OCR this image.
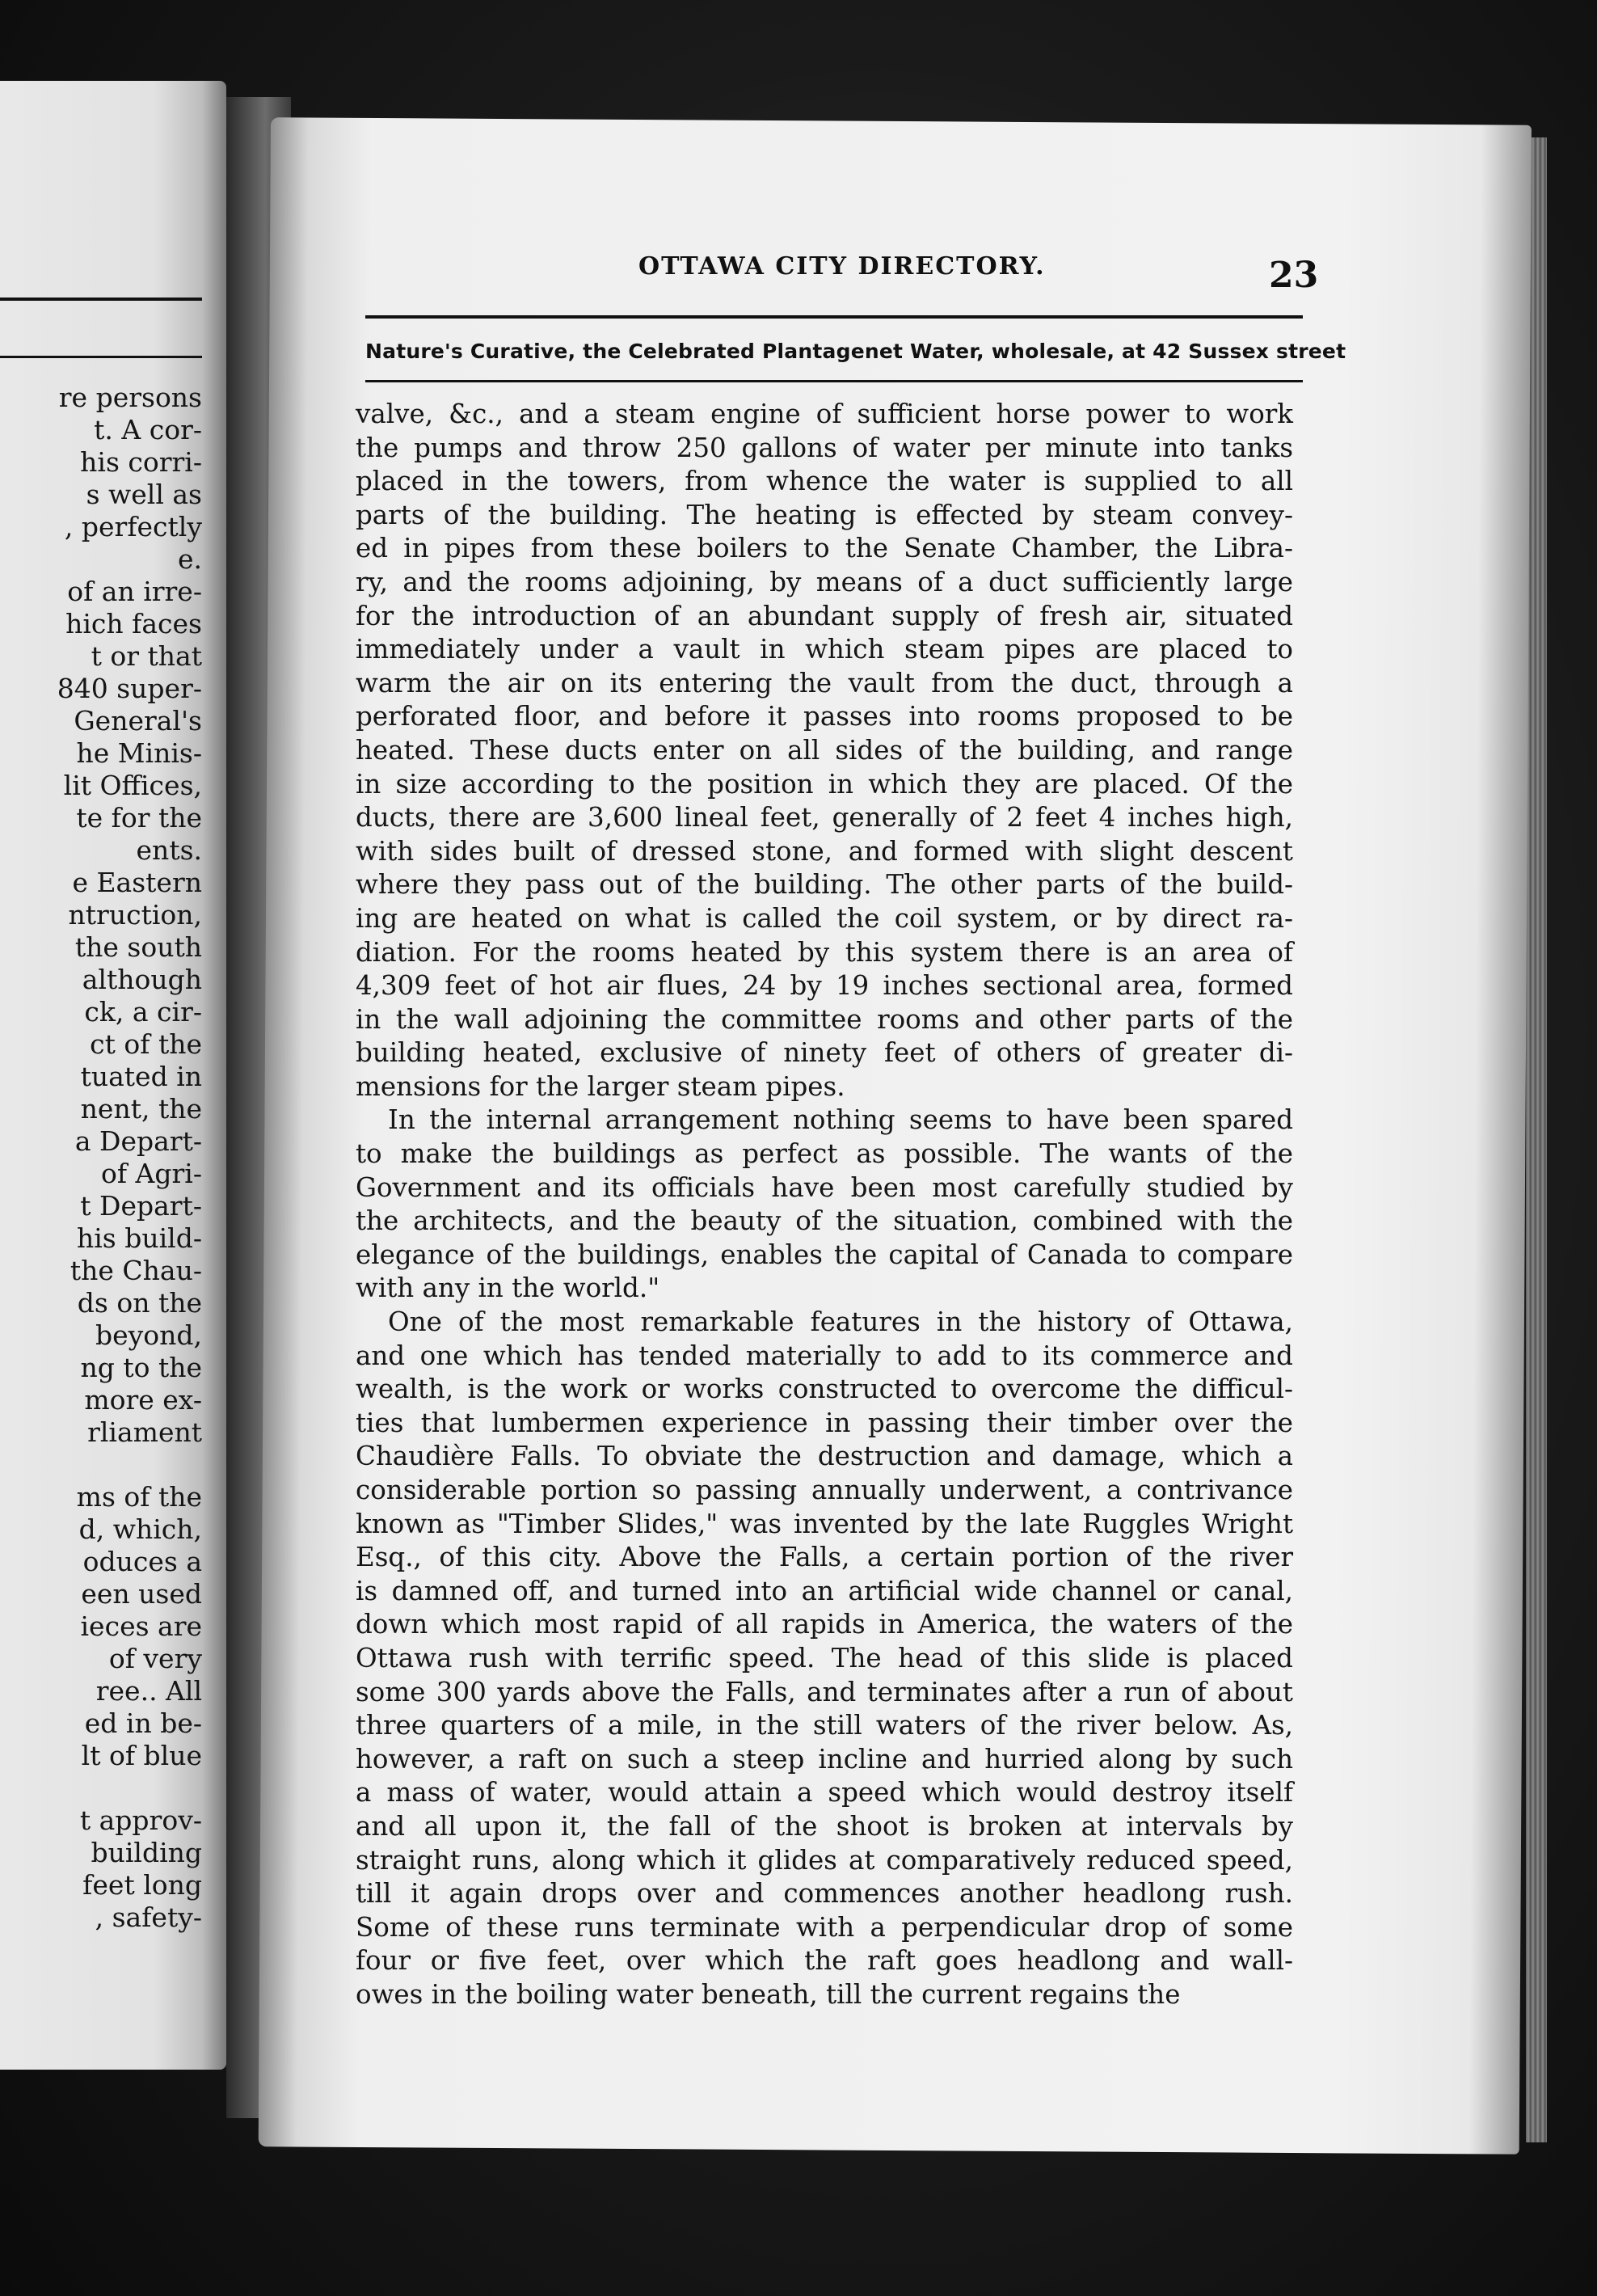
re persons
t. A cor-
his corri-
s well as
, perfectly
e.
of an irre-
hich faces
t or that
840 super-
General's
he Minis-
lit Offices,
te for the
ents.
e Eastern
ntruction,
the south
although
ck, a cir-
ct of the
tuated in
nent, the
a Depart-
of Agri-
t Depart-
his build-
the Chau-
ds on the
beyond,
ng to the
more ex-
rliament
ms of the
d, which,
oduces a
een used
ieces are
of very
ree.. All
ed in be-
lt of blue
t approv-
building
feet long
, safety-
OTTAWA CITY DIRECTORY.	23
Nature's Curative, the Celebrated Plantagenet Water, wholesale, at 42 Sussex street
valve, &c., and a steam engine of sufficient horse power to work
the pumps and throw 250 gallons of water per minute into tanks
placed in the towers, from whence the water is supplied to all
parts of the building. The heating is effected by steam convey-
ed in pipes from these boilers to the Senate Chamber, the Libra-
ry, and the rooms adjoining, by means of a duct sufficiently large
for the introduction of an abundant supply of fresh air, situated
immediately under a vault in which steam pipes are placed to
warm the air on its entering the vault from the duct, through a
perforated floor, and before it passes into rooms proposed to be
heated. These ducts enter on all sides of the building, and range
in size according to the position in which they are placed. Of the
ducts, there are 3,600 lineal feet, generally of 2 feet 4 inches high,
with sides built of dressed stone, and formed with slight descent
where they pass out of the building. The other parts of the build-
ing are heated on what is called the coil system, or by direct ra-
diation. For the rooms heated by this system there is an area of
4,309 feet of hot air flues, 24 by 19 inches sectional area, formed
in the wall adjoining the committee rooms and other parts of the
building heated, exclusive of ninety feet of others of greater di-
mensions for the larger steam pipes.
In the internal arrangement nothing seems to have been spared
to make the buildings as perfect as possible. The wants of the
Government and its officials have been most carefully studied by
the architects, and the beauty of the situation, combined with the
elegance of the buildings, enables the capital of Canada to compare
with any in the world."
One of the most remarkable features in the history of Ottawa,
and one which has tended materially to add to its commerce and
wealth, is the work or works constructed to overcome the difficul-
ties that lumbermen experience in passing their timber over the
Chaudière Falls. To obviate the destruction and damage, which a
considerable portion so passing annually underwent, a contrivance
known as "Timber Slides," was invented by the late Ruggles Wright
Esq., of this city. Above the Falls, a certain portion of the river
is damned off, and turned into an artificial wide channel or canal,
down which most rapid of all rapids in America, the waters of the
Ottawa rush with terrific speed. The head of this slide is placed
some 300 yards above the Falls, and terminates after a run of about
three quarters of a mile, in the still waters of the river below. As,
however, a raft on such a steep incline and hurried along by such
a mass of water, would attain a speed which would destroy itself
and all upon it, the fall of the shoot is broken at intervals by
straight runs, along which it glides at comparatively reduced speed,
till it again drops over and commences another headlong rush.
Some of these runs terminate with a perpendicular drop of some
four or five feet, over which the raft goes headlong and wall-
owes in the boiling water beneath, till the current regains the
